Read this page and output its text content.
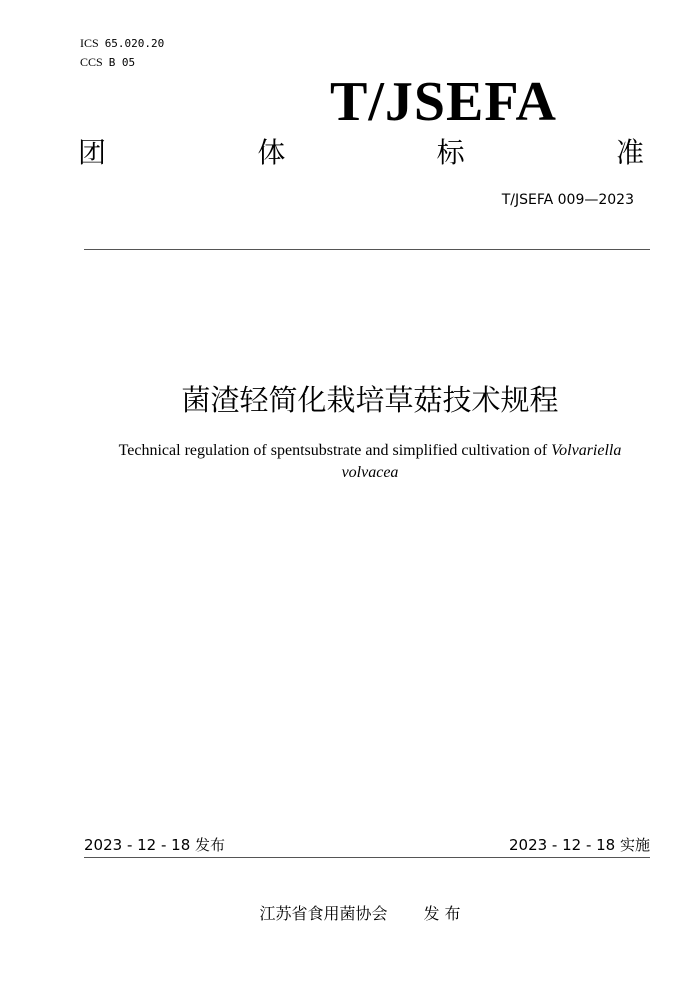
ICS 65.020.20
CCS B 05
T/JSEFA
团	体	标	准
T/JSEFA 009—2023
菌渣轻简化栽培草菇技术规程
Technical regulation of spentsubstrate and simplified cultivation of Volvariella volvacea
2023 - 12 - 18 发布	2023 - 12 - 18 实施
江苏省食用菌协会 发 布
